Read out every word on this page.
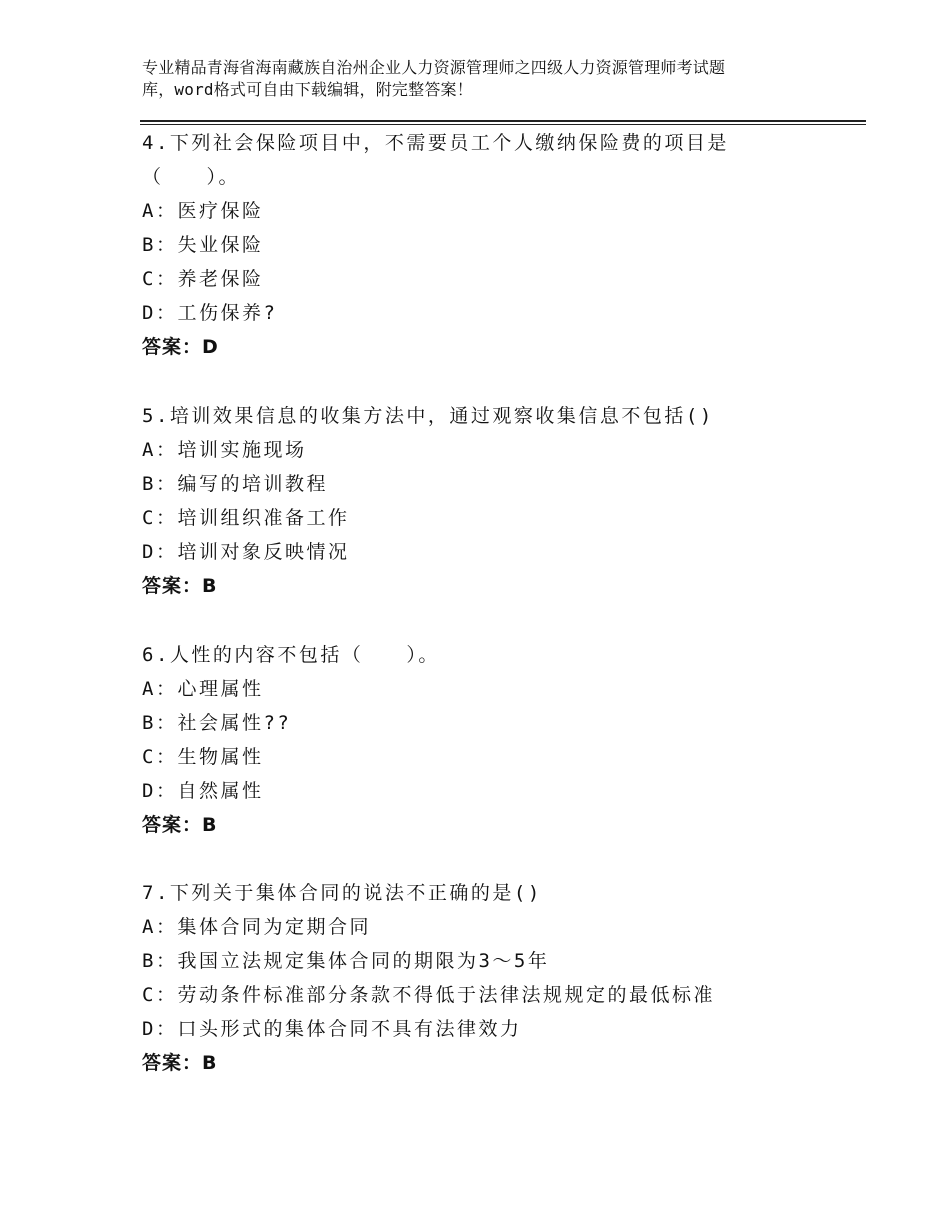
专业精品青海省海南藏族自治州企业人力资源管理师之四级人力资源管理师考试题
库，word格式可自由下载编辑，附完整答案！
4.下列社会保险项目中，不需要员工个人缴纳保险费的项目是
（　　）。
A：医疗保险
B：失业保险
C：养老保险
D：工伤保养?
答案：D
5.培训效果信息的收集方法中，通过观察收集信息不包括()
A：培训实施现场
B：编写的培训教程
C：培训组织准备工作
D：培训对象反映情况
答案：B
6.人性的内容不包括（　　）。
A：心理属性
B：社会属性??
C：生物属性
D：自然属性
答案：B
7.下列关于集体合同的说法不正确的是()
A：集体合同为定期合同
B：我国立法规定集体合同的期限为3～5年
C：劳动条件标准部分条款不得低于法律法规规定的最低标准
D：口头形式的集体合同不具有法律效力
答案：B
